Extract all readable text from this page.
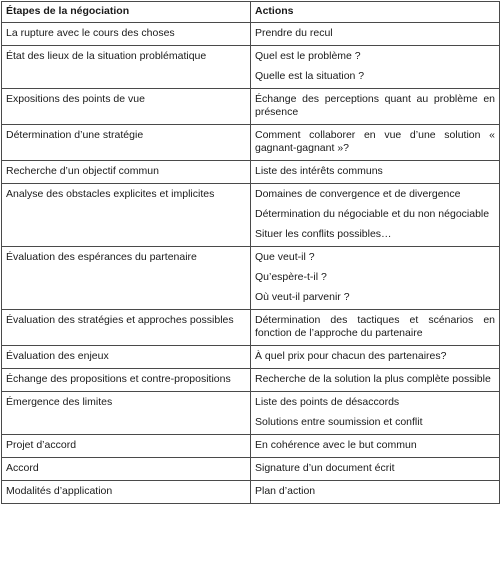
Étapes de la négociation	Actions
La rupture avec le cours des choses	Prendre du recul

État des lieux de la situation problématique	Quel est le problème ?
Quelle est la situation ?

Expositions des points de vue	Échange des perceptions quant au problème en présence

Détermination d’une stratégie	Comment collaborer en vue d’une solution « gagnant-gagnant »?

Recherche d’un objectif commun	Liste des intérêts communs

Analyse des obstacles explicites et implicites	Domaines de convergence et de divergence
Détermination du négociable et du non négociable
Situer les conflits possibles…

Évaluation des espérances du partenaire	Que veut-il ?
Qu’espère-t-il ?
Où veut-il parvenir ?

Évaluation des stratégies et approches possibles	Détermination des tactiques et scénarios en fonction de l’approche du partenaire

Évaluation des enjeux	À quel prix pour chacun des partenaires?

Échange des propositions et contre-propositions	Recherche de la solution la plus complète possible

Émergence des limites	Liste des points de désaccords
Solutions entre soumission et conflit

Projet d’accord	En cohérence avec le but commun

Accord	Signature d’un document écrit

Modalités d’application	Plan d’action
